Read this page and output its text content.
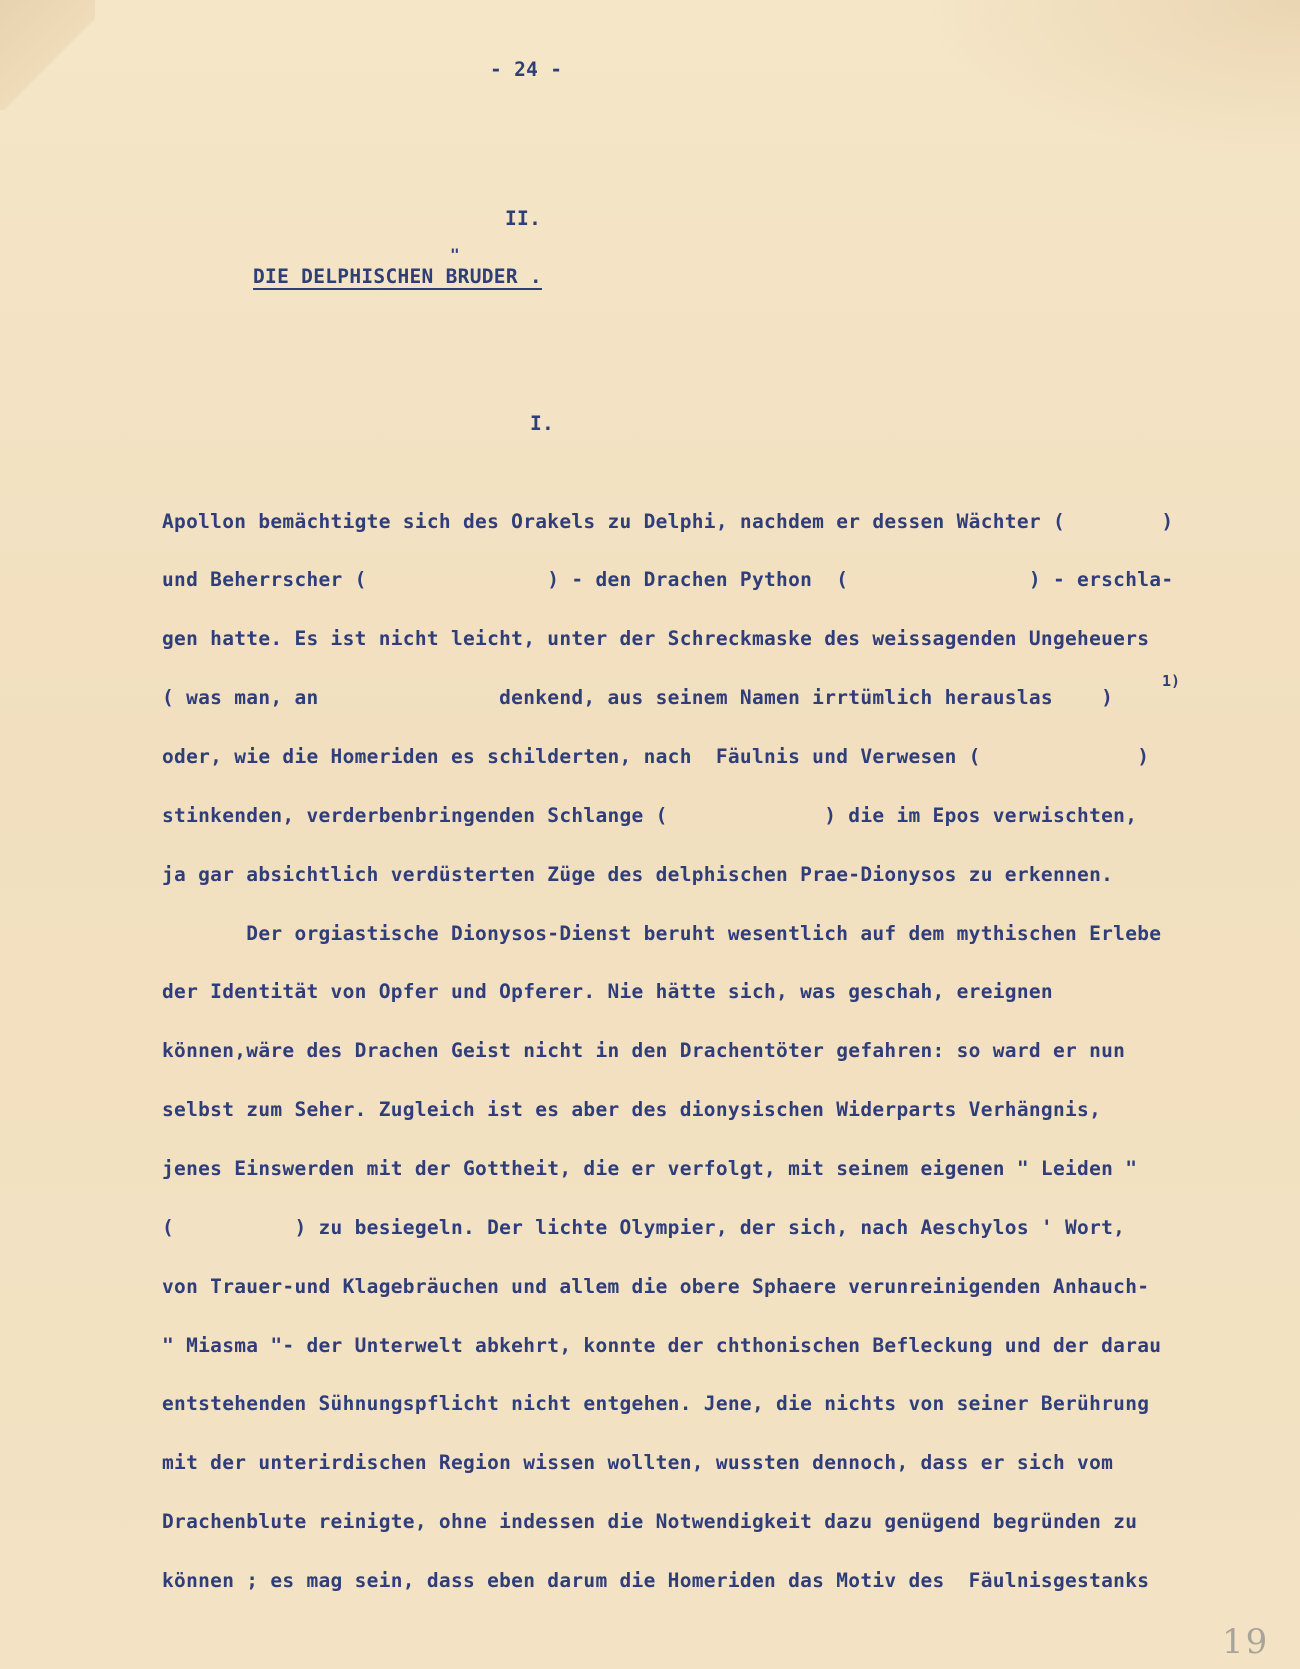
- 24 -
II.
"
DIE DELPHISCHEN BRUDER .
I.
Apollon bemächtigte sich des Orakels zu Delphi, nachdem er dessen Wächter (        )
und Beherrscher (               ) - den Drachen Python  (               ) - erschla-
gen hatte. Es ist nicht leicht, unter der Schreckmaske des weissagenden Ungeheuers
( was man, an               denkend, aus seinem Namen irrtümlich herauslas    )
1)
oder, wie die Homeriden es schilderten, nach  Fäulnis und Verwesen (             )
stinkenden, verderbenbringenden Schlange (             ) die im Epos verwischten,
ja gar absichtlich verdüsterten Züge des delphischen Prae-Dionysos zu erkennen.
Der orgiastische Dionysos-Dienst beruht wesentlich auf dem mythischen Erlebe
der Identität von Opfer und Opferer. Nie hätte sich, was geschah, ereignen
können,wäre des Drachen Geist nicht in den Drachentöter gefahren: so ward er nun
selbst zum Seher. Zugleich ist es aber des dionysischen Widerparts Verhängnis,
jenes Einswerden mit der Gottheit, die er verfolgt, mit seinem eigenen " Leiden "
(          ) zu besiegeln. Der lichte Olympier, der sich, nach Aeschylos ' Wort,
von Trauer-und Klagebräuchen und allem die obere Sphaere verunreinigenden Anhauch-
" Miasma "- der Unterwelt abkehrt, konnte der chthonischen Befleckung und der darau
entstehenden Sühnungspflicht nicht entgehen. Jene, die nichts von seiner Berührung
mit der unterirdischen Region wissen wollten, wussten dennoch, dass er sich vom
Drachenblute reinigte, ohne indessen die Notwendigkeit dazu genügend begründen zu
können ; es mag sein, dass eben darum die Homeriden das Motiv des  Fäulnisgestanks
19
